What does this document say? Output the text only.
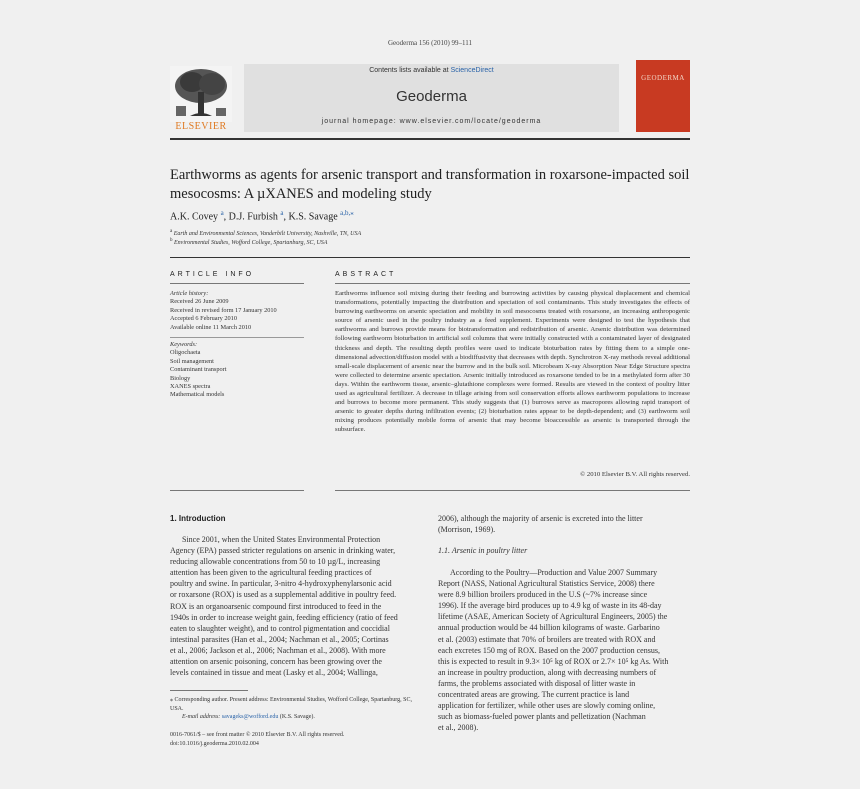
Geoderma 156 (2010) 99–111
ELSEVIER
Contents lists available at ScienceDirect
Geoderma
journal homepage: www.elsevier.com/locate/geoderma
GEODERMA
Earthworms as agents for arsenic transport and transformation in roxarsone-impacted soil mesocosms: A µXANES and modeling study
A.K. Covey $^a$, D.J. Furbish $^a$, K.S. Savage $^{a,b,⁎}$
$^a$ Earth and Environmental Sciences, Vanderbilt University, Nashville, TN, USA
$^b$ Environmental Studies, Wofford College, Spartanburg, SC, USA
ARTICLE INFO
Article history:
Received 26 June 2009
Received in revised form 17 January 2010
Accepted 6 February 2010
Available online 11 March 2010
Keywords:
Oligochaeta
Soil management
Contaminant transport
Biology
XANES spectra
Mathematical models
ABSTRACT
Earthworms influence soil mixing during their feeding and burrowing activities by causing physical displacement and chemical transformations, potentially impacting the distribution and speciation of soil contaminants. This study investigates the effects of burrowing earthworms on arsenic speciation and mobility in soil mesocosms treated with roxarsone, an increasing anthropogenic source of arsenic used in the poultry industry as a feed supplement. Experiments were designed to test the hypothesis that earthworms and burrows provide means for biotransformation and redistribution of arsenic. Arsenic distribution was determined following earthworm bioturbation in artificial soil columns that were initially constructed with a contaminated layer of designated thickness and depth. The resulting depth profiles were used to indicate bioturbation rates by fitting them to a simple one-dimensional advection/diffusion model with a biodiffusivity that decreases with depth. Synchrotron X-ray methods reveal additional small-scale displacement of arsenic near the burrow and in the bulk soil. Microbeam X-ray Absorption Near Edge Structure spectra were collected to determine arsenic speciation. Arsenic initially introduced as roxarsone tended to be in a methylated form after 30 days. Within the earthworm tissue, arsenic–glutathione complexes were formed. Results are viewed in the context of poultry litter used as agricultural fertilizer. A decrease in tillage arising from soil conservation efforts allows earthworm populations to increase and burrows to become more permanent. This study suggests that (1) burrows serve as macropores allowing rapid transport of arsenic to greater depths during infiltration events; (2) bioturbation rates appear to be depth-dependent; and (3) earthworm soil mixing produces potentially mobile forms of arsenic that may become bioaccessible as arsenic is transported through the subsurface.
© 2010 Elsevier B.V. All rights reserved.
1. Introduction
Since 2001, when the United States Environmental Protection
Agency (EPA) passed stricter regulations on arsenic in drinking water,
reducing allowable concentrations from 50 to 10 µg/L, increasing
attention has been given to the agricultural feeding practices of
poultry and swine. In particular, 3-nitro 4-hydroxyphenylarsonic acid
or roxarsone (ROX) is used as a supplemental additive in poultry feed.
ROX is an organoarsenic compound first introduced to feed in the
1940s in order to increase weight gain, feeding efficiency (ratio of feed
eaten to slaughter weight), and to control pigmentation and coccidial
intestinal parasites (Han et al., 2004; Nachman et al., 2005; Cortinas
et al., 2006; Jackson et al., 2006; Nachman et al., 2008). With more
attention on arsenic poisoning, concern has been growing over the
levels contained in tissue and meat (Lasky et al., 2004; Wallinga,
⁎ Corresponding author. Present address: Environmental Studies, Wofford College, Spartanburg, SC, USA.
E-mail address: savageks@wofford.edu (K.S. Savage).
0016-7061/$ – see front matter © 2010 Elsevier B.V. All rights reserved.
doi:10.1016/j.geoderma.2010.02.004
2006), although the majority of arsenic is excreted into the litter
(Morrison, 1969).
1.1. Arsenic in poultry litter
According to the Poultry—Production and Value 2007 Summary
Report (NASS, National Agricultural Statistics Service, 2008) there
were 8.9 billion broilers produced in the U.S (~7% increase since
1996). If the average bird produces up to 4.9 kg of waste in its 48-day
lifetime (ASAE, American Society of Agricultural Engineers, 2005) the
annual production would be 44 billion kilograms of waste. Garbarino
et al. (2003) estimate that 70% of broilers are treated with ROX and
each excretes 150 mg of ROX. Based on the 2007 production census,
this is expected to result in 9.3× 10⁵ kg of ROX or 2.7× 10⁵ kg As. With
an increase in poultry production, along with decreasing numbers of
farms, the problems associated with disposal of litter waste in
concentrated areas are growing. The current practice is land
application for fertilizer, while other uses are slowly coming online,
such as biomass-fueled power plants and pelletization (Nachman
et al., 2008).
